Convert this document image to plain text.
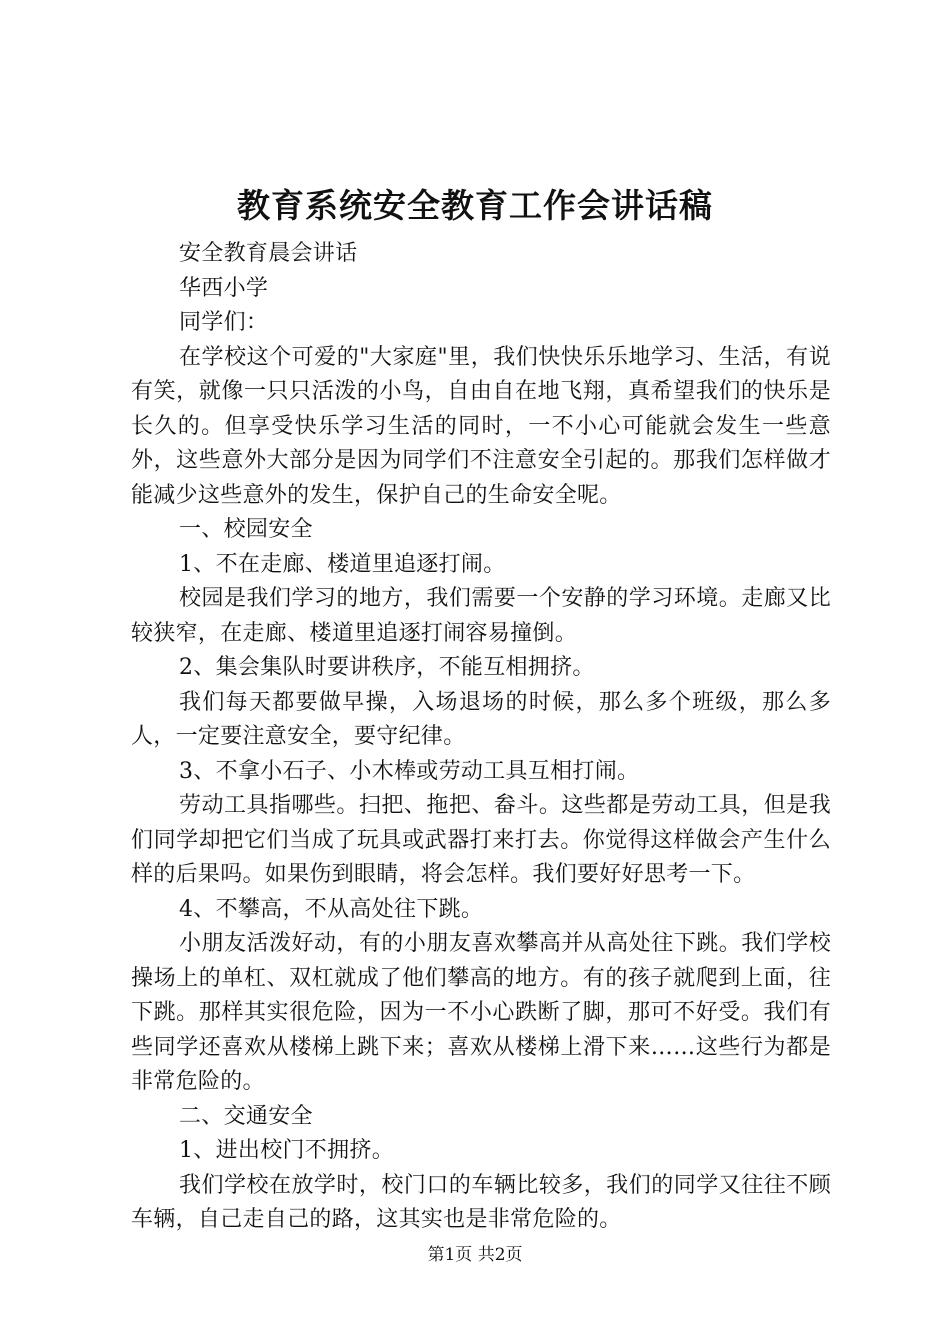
教育系统安全教育工作会讲话稿

安全教育晨会讲话

华西小学

同学们：

在学校这个可爱的"大家庭"里，我们快快乐乐地学习、生活，有说有笑，就像一只只活泼的小鸟，自由自在地飞翔，真希望我们的快乐是长久的。但享受快乐学习生活的同时，一不小心可能就会发生一些意外，这些意外大部分是因为同学们不注意安全引起的。那我们怎样做才能减少这些意外的发生，保护自己的生命安全呢。

一、校园安全

1、不在走廊、楼道里追逐打闹。

校园是我们学习的地方，我们需要一个安静的学习环境。走廊又比较狭窄，在走廊、楼道里追逐打闹容易撞倒。

2、集会集队时要讲秩序，不能互相拥挤。

我们每天都要做早操，入场退场的时候，那么多个班级，那么多人，一定要注意安全，要守纪律。

3、不拿小石子、小木棒或劳动工具互相打闹。

劳动工具指哪些。扫把、拖把、畚斗。这些都是劳动工具，但是我们同学却把它们当成了玩具或武器打来打去。你觉得这样做会产生什么样的后果吗。如果伤到眼睛，将会怎样。我们要好好思考一下。

4、不攀高，不从高处往下跳。

小朋友活泼好动，有的小朋友喜欢攀高并从高处往下跳。我们学校操场上的单杠、双杠就成了他们攀高的地方。有的孩子就爬到上面，往下跳。那样其实很危险，因为一不小心跌断了脚，那可不好受。我们有些同学还喜欢从楼梯上跳下来；喜欢从楼梯上滑下来……这些行为都是非常危险的。

二、交通安全

1、进出校门不拥挤。

我们学校在放学时，校门口的车辆比较多，我们的同学又往往不顾车辆，自己走自己的路，这其实也是非常危险的。

第1页 共2页
